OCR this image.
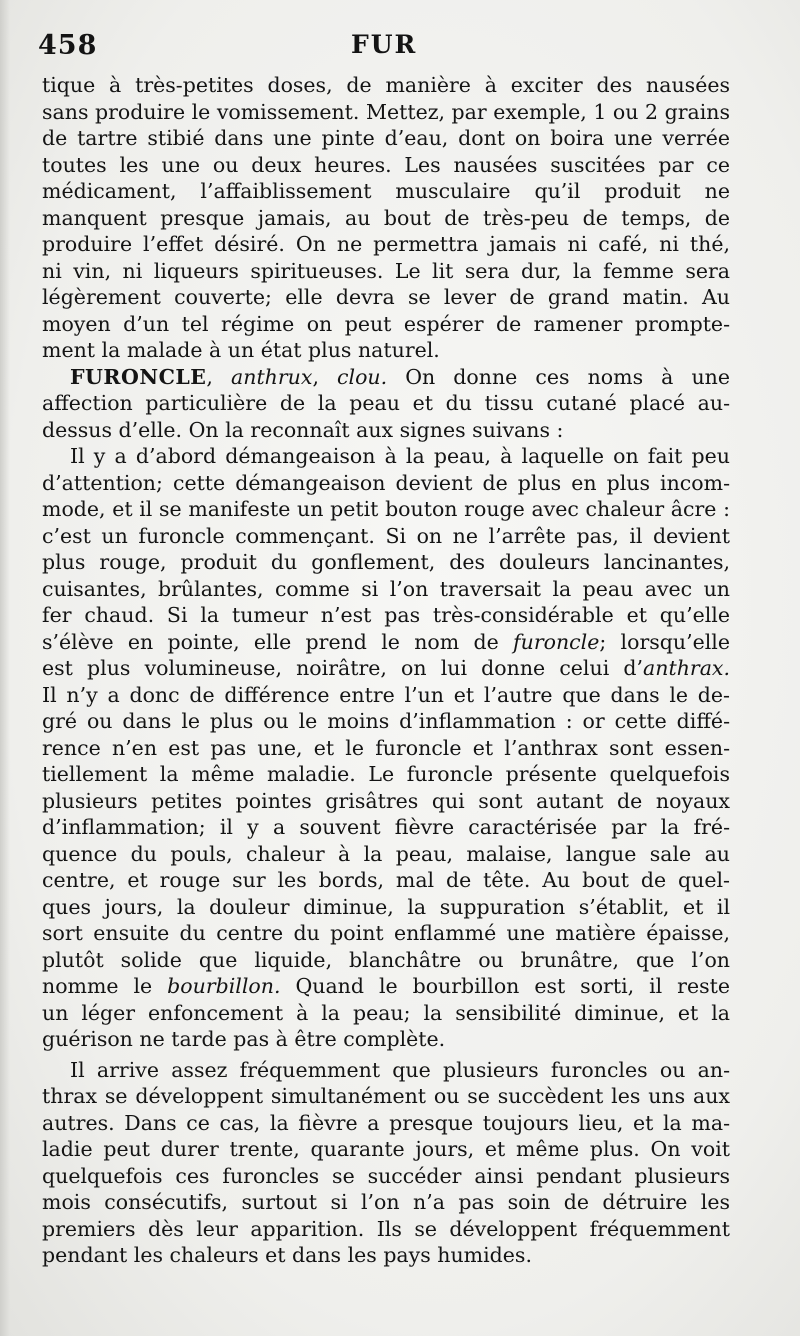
458	FUR
tique à très-petites doses, de manière à exciter des nausées
sans produire le vomissement. Mettez, par exemple, 1 ou 2 grains
de tartre stibié dans une pinte d’eau, dont on boira une verrée
toutes les une ou deux heures. Les nausées suscitées par ce
médicament, l’affaiblissement musculaire qu’il produit ne
manquent presque jamais, au bout de très-peu de temps, de
produire l’effet désiré. On ne permettra jamais ni café, ni thé,
ni vin, ni liqueurs spiritueuses. Le lit sera dur, la femme sera
légèrement couverte; elle devra se lever de grand matin. Au
moyen d’un tel régime on peut espérer de ramener prompte-
ment la malade à un état plus naturel.
FURONCLE, anthrux, clou. On donne ces noms à une
affection particulière de la peau et du tissu cutané placé au-
dessus d’elle. On la reconnaît aux signes suivans :
Il y a d’abord démangeaison à la peau, à laquelle on fait peu
d’attention; cette démangeaison devient de plus en plus incom-
mode, et il se manifeste un petit bouton rouge avec chaleur âcre :
c’est un furoncle commençant. Si on ne l’arrête pas, il devient
plus rouge, produit du gonflement, des douleurs lancinantes,
cuisantes, brûlantes, comme si l’on traversait la peau avec un
fer chaud. Si la tumeur n’est pas très-considérable et qu’elle
s’élève en pointe, elle prend le nom de furoncle; lorsqu’elle
est plus volumineuse, noirâtre, on lui donne celui d’anthrax.
Il n’y a donc de différence entre l’un et l’autre que dans le de-
gré ou dans le plus ou le moins d’inflammation : or cette diffé-
rence n’en est pas une, et le furoncle et l’anthrax sont essen-
tiellement la même maladie. Le furoncle présente quelquefois
plusieurs petites pointes grisâtres qui sont autant de noyaux
d’inflammation; il y a souvent fièvre caractérisée par la fré-
quence du pouls, chaleur à la peau, malaise, langue sale au
centre, et rouge sur les bords, mal de tête. Au bout de quel-
ques jours, la douleur diminue, la suppuration s’établit, et il
sort ensuite du centre du point enflammé une matière épaisse,
plutôt solide que liquide, blanchâtre ou brunâtre, que l’on
nomme le bourbillon. Quand le bourbillon est sorti, il reste
un léger enfoncement à la peau; la sensibilité diminue, et la
guérison ne tarde pas à être complète.
Il arrive assez fréquemment que plusieurs furoncles ou an-
thrax se développent simultanément ou se succèdent les uns aux
autres. Dans ce cas, la fièvre a presque toujours lieu, et la ma-
ladie peut durer trente, quarante jours, et même plus. On voit
quelquefois ces furoncles se succéder ainsi pendant plusieurs
mois consécutifs, surtout si l’on n’a pas soin de détruire les
premiers dès leur apparition. Ils se développent fréquemment
pendant les chaleurs et dans les pays humides.
